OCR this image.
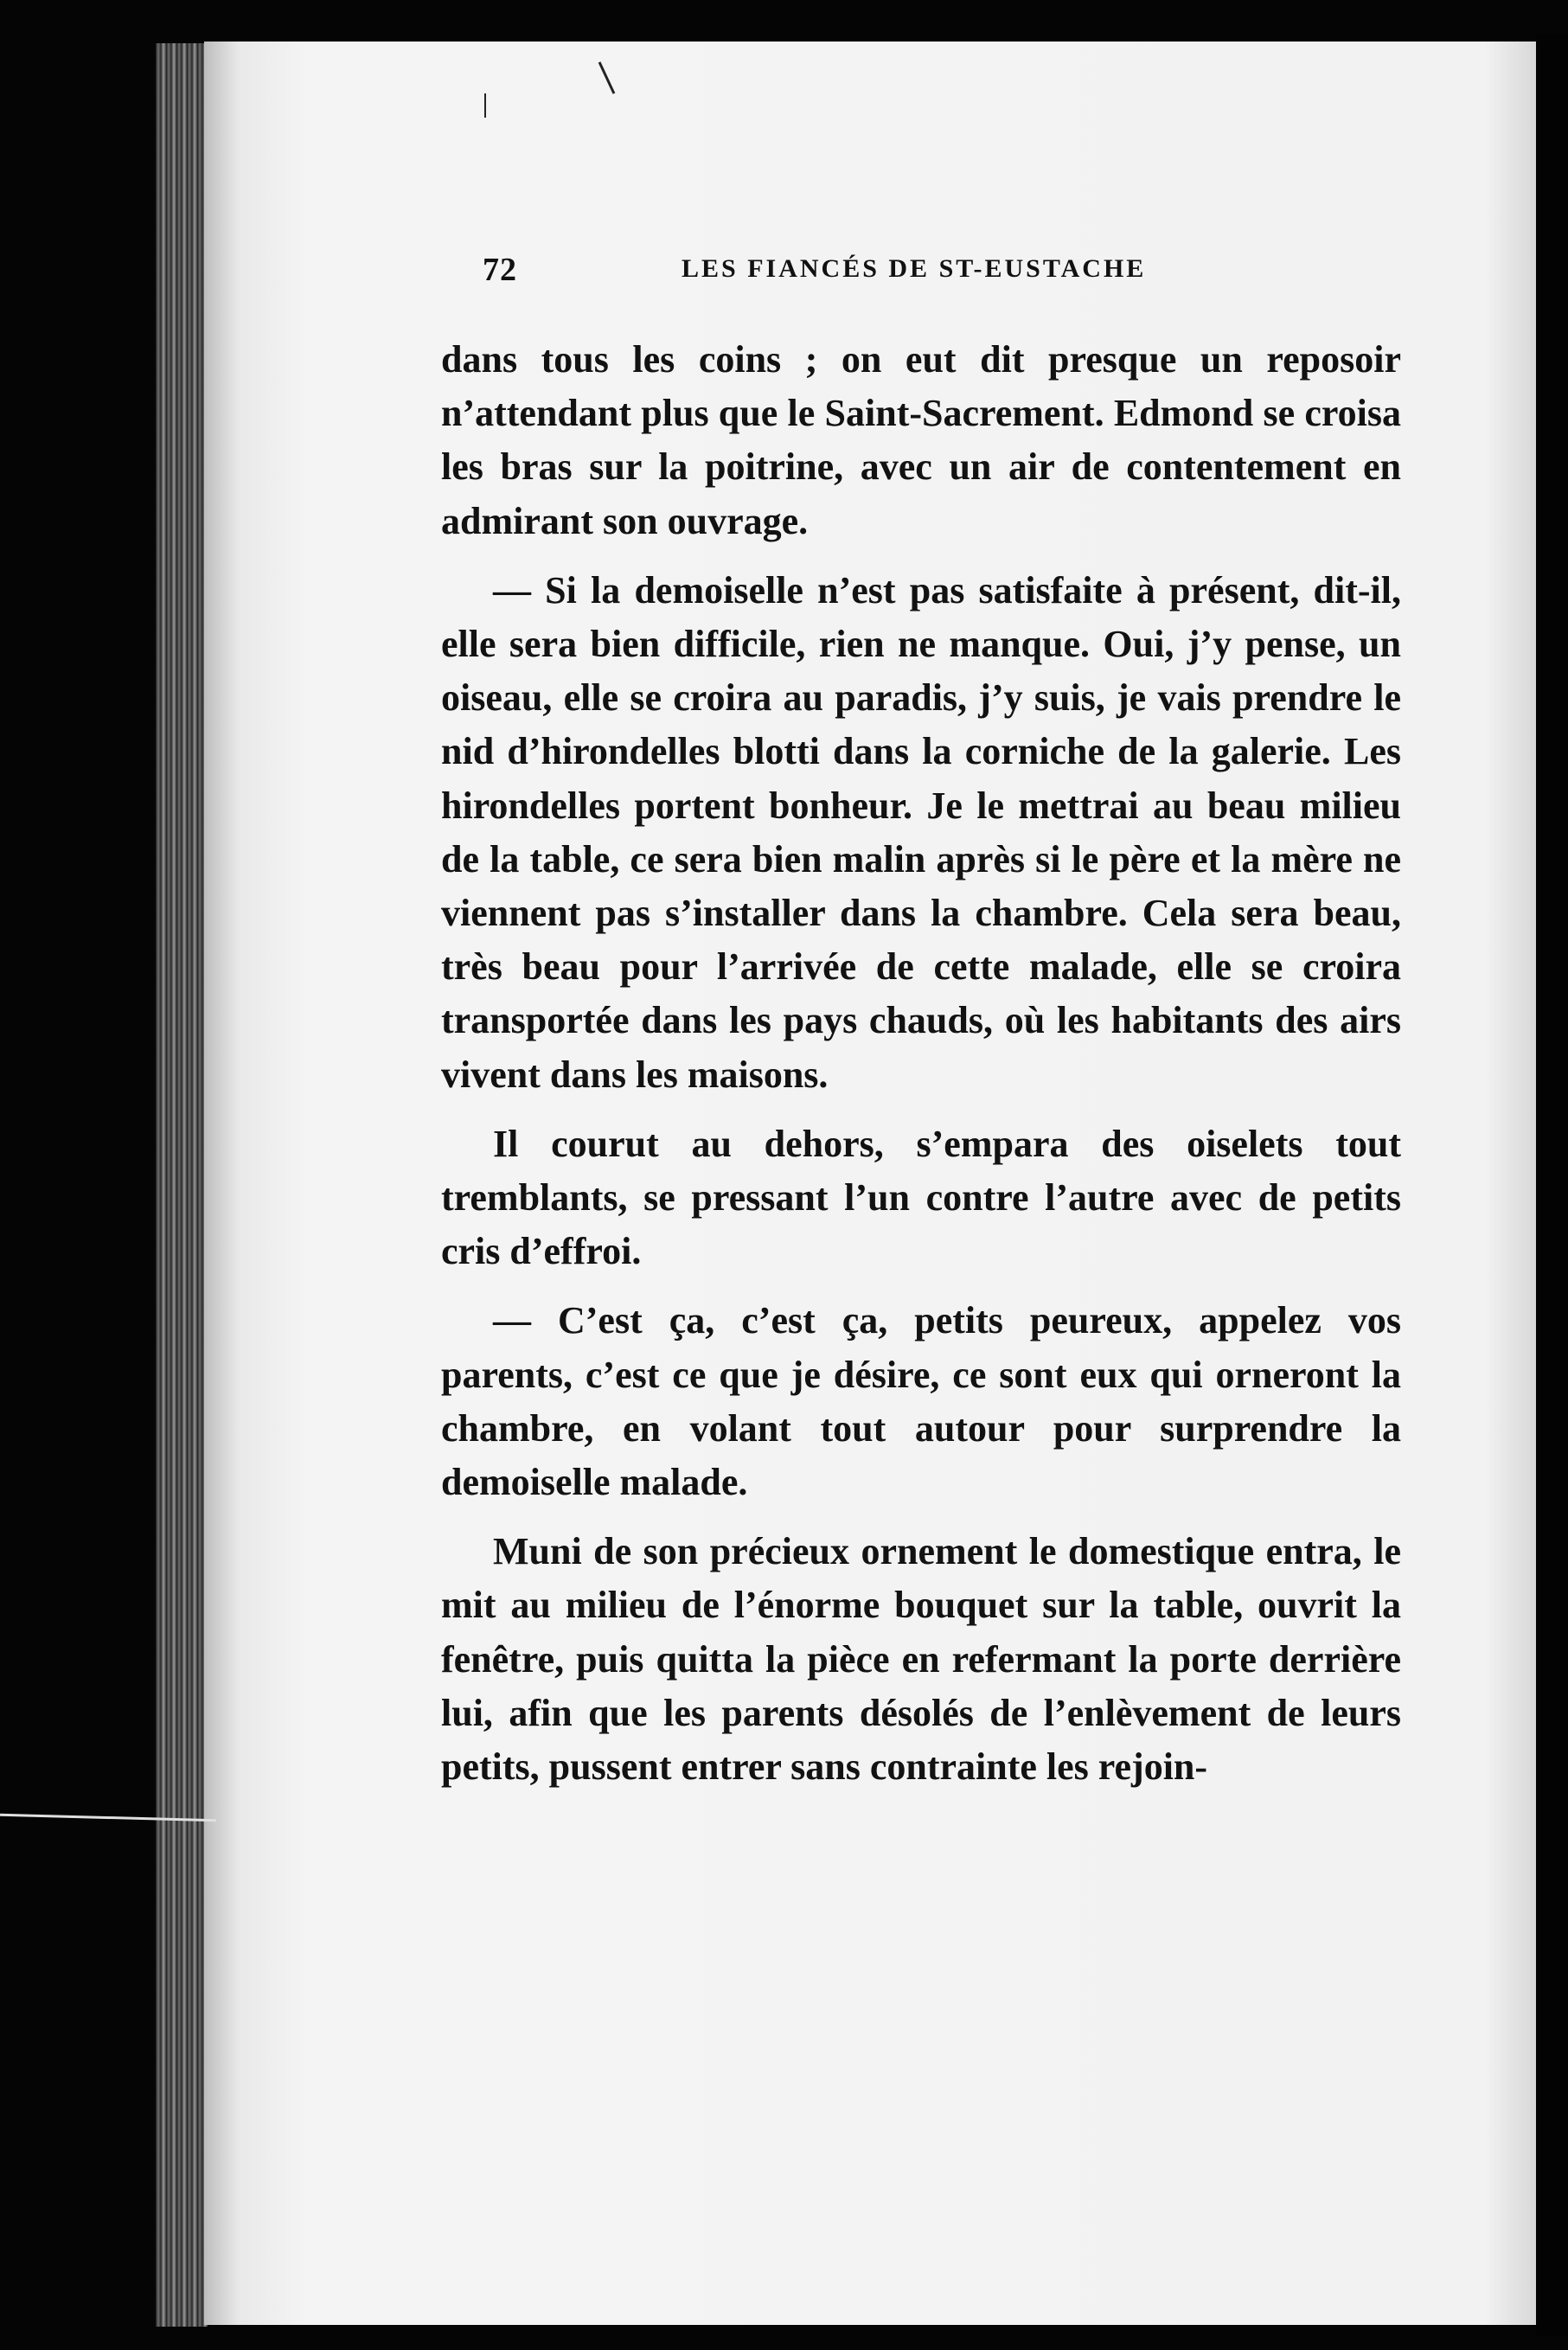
72	LES FIANCÉS DE ST-EUSTACHE

dans tous les coins ; on eut dit presque un reposoir n’attendant plus que le Saint-Sacrement. Edmond se croisa les bras sur la poitrine, avec un air de contentement en admirant son ouvrage.

— Si la demoiselle n’est pas satisfaite à présent, dit-il, elle sera bien difficile, rien ne manque. Oui, j’y pense, un oiseau, elle se croira au paradis, j’y suis, je vais prendre le nid d’hirondelles blotti dans la corniche de la galerie. Les hirondelles portent bonheur. Je le mettrai au beau milieu de la table, ce sera bien malin après si le père et la mère ne viennent pas s’installer dans la chambre. Cela sera beau, très beau pour l’arrivée de cette malade, elle se croira transportée dans les pays chauds, où les habitants des airs vivent dans les maisons.

Il courut au dehors, s’empara des oiselets tout tremblants, se pressant l’un contre l’autre avec de petits cris d’effroi.

— C’est ça, c’est ça, petits peureux, appelez vos parents, c’est ce que je désire, ce sont eux qui orneront la chambre, en volant tout autour pour surprendre la demoiselle malade.

Muni de son précieux ornement le domestique entra, le mit au milieu de l’énorme bouquet sur la table, ouvrit la fenêtre, puis quitta la pièce en refermant la porte derrière lui, afin que les parents désolés de l’enlèvement de leurs petits, pussent entrer sans contrainte les rejoin-
